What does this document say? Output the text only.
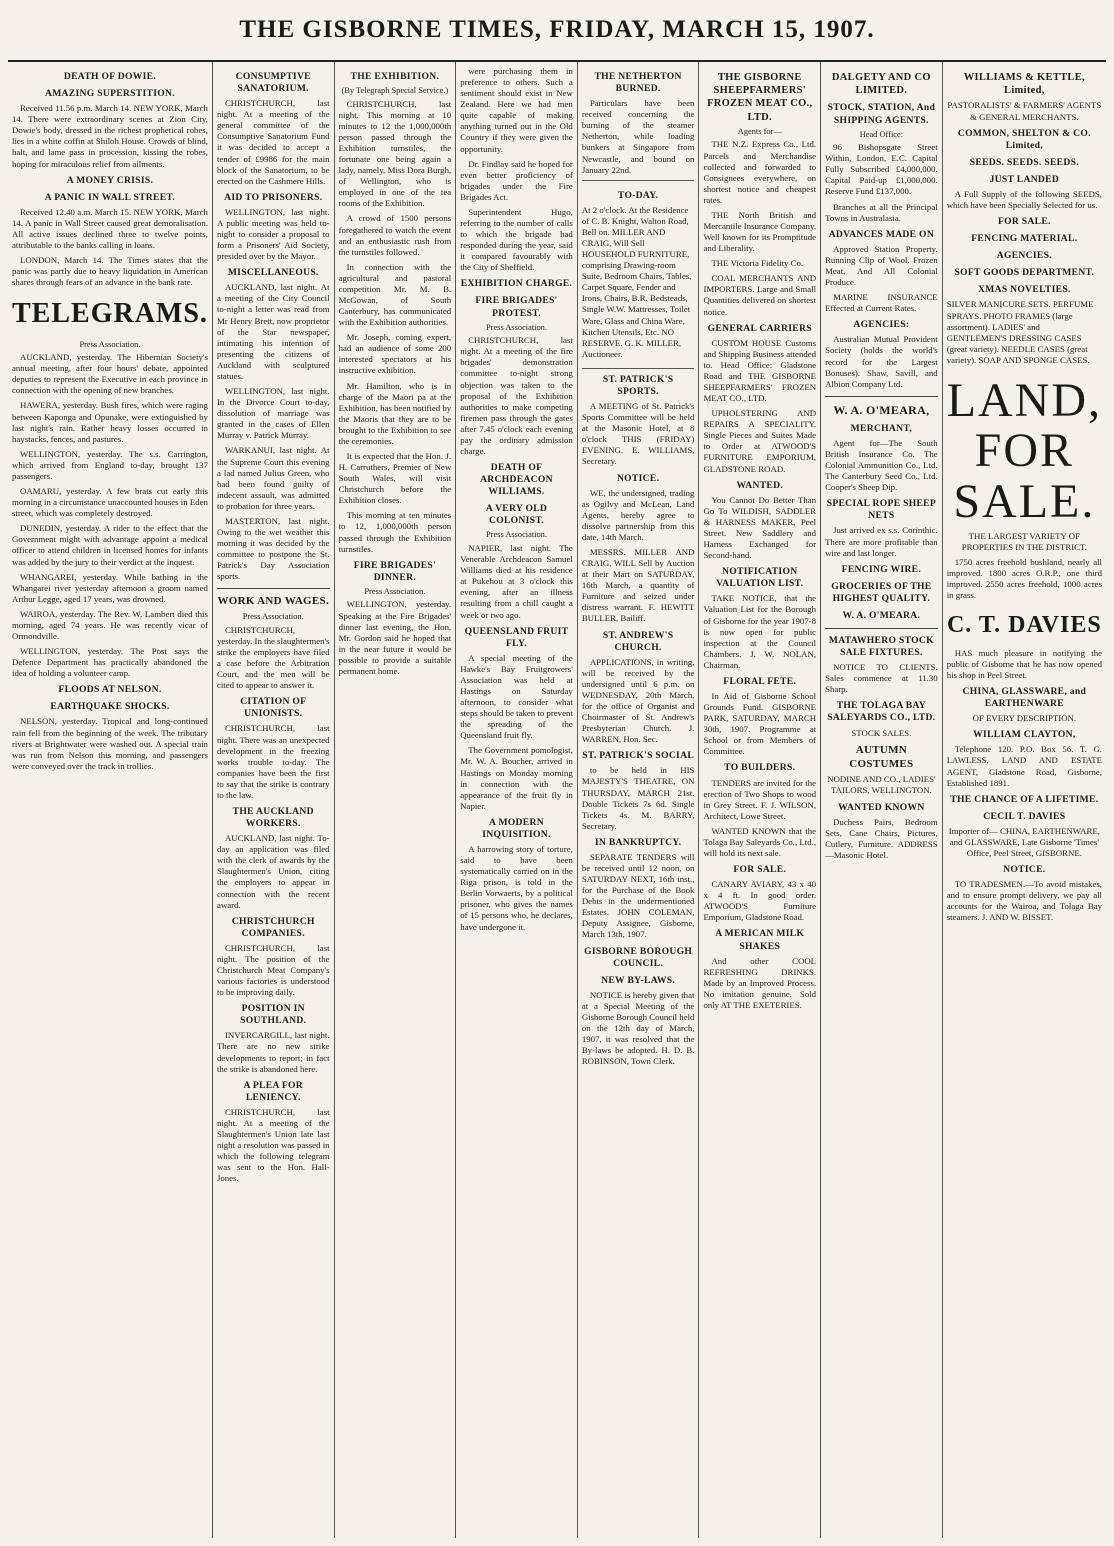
THE GISBORNE TIMES, FRIDAY, MARCH 15, 1907.
DEATH OF DOWIE.
AMAZING SUPERSTITION.

Received 11.56 p.m. March 14. NEW YORK, March 14. There were extraordinary scenes at Zion City, Dowie's body, dressed in the richest prophetical robes, lies in a white coffin at Shiloh House. Crowds of blind, halt, and lame pass in procession, kissing the robes, hoping for miraculous relief from ailments.

A MONEY CRISIS.
A PANIC IN WALL STREET.

Received 12.40 a.m. March 15. NEW YORK, March 14. A panic in Wall Street caused great demoralisation. All active issues declined three to twelve points, attributable to the banks calling in loans.

LONDON, March 14. The Times states that the panic was partly due to heavy liquidation in American shares through fears of an advance in the bank rate.

TELEGRAMS.
Press Association.

AUCKLAND, yesterday. The Hibernian Society's annual meeting, after four hours' debate, appointed deputies to represent the Executive in each province in connection with the opening of new branches.

HAWERA, yesterday. Bush fires, which were raging between Kaponga and Opunake, were extinguished by last night's rain. Rather heavy losses occurred in haystacks, fences, and pastures.

WELLINGTON, yesterday. The s.s. Carrington, which arrived from England to-day, brought 137 passengers.

OAMARU, yesterday. A few brats cut early this morning in a circumstance unaccounted houses in Eden street, which was completely destroyed.

DUNEDIN, yesterday. A rider to the effect that the Government might with advantage appoint a medical officer to attend children in licensed homes for infants was added by the jury to their verdict at the inquest.

WHANGAREI, yesterday. While bathing in the Whangarei river yesterday afternoon a groom named Arthur Legge, aged 17 years, was drowned.

WAIROA, yesterday. The Rev. W. Lambert died this morning, aged 74 years. He was recently vicar of Ormondville.

WELLINGTON, yesterday. The Post says the Defence Department has practically abandoned the idea of holding a volunteer camp.

FLOODS AT NELSON.
EARTHQUAKE SHOCKS.

NELSON, yesterday. Tropical and long-continued rain fell from the beginning of the week. The tributary rivers at Brightwater were washed out. A special train was run from Nelson this morning, and passengers were conveyed over the track in trollies.

CONSUMPTIVE SANATORIUM.

CHRISTCHURCH, last night. At a meeting of the general committee of the Consumptive Sanatorium Fund it was decided to accept a tender of £9986 for the main block of the Sanatorium, to be erected on the Cashmere Hills.

AID TO PRISONERS.

WELLINGTON, last night. A public meeting was held to-night to consider a proposal to form a Prisoners' Aid Society, presided over by the Mayor.

MISCELLANEOUS.

AUCKLAND, last night. At a meeting of the City Council to-night a letter was read from Mr Henry Brett, now proprietor of the Star newspaper, intimating his intention of presenting the citizens of Auckland with sculptured statues.

WELLINGTON, last night. In the Divorce Court to-day, dissolution of marriage was granted in the cases of Ellen Murray v. Patrick Murray.

WARKANUI, last night. At the Supreme Court this evening a lad named Julius Green, who had been found guilty of indecent assault, was admitted to probation for three years.

MASTERTON, last night. Owing to the wet weather this morning it was decided by the committee to postpone the St. Patrick's Day Association sports.

WORK AND WAGES.
Press Association.

CHRISTCHURCH, yesterday. In the slaughtermen's strike the employers have filed a case before the Arbitration Court, and the men will be cited to appear to answer it.

CITATION OF UNIONISTS.

CHRISTCHURCH, last night. There was an unexpected development in the freezing works trouble to-day. The companies have been the first to say that the strike is contrary to the law.

THE AUCKLAND WORKERS.

AUCKLAND, last night. To-day an application was filed with the clerk of awards by the Slaughtermen's Union, citing the employers to appear in connection with the recent award.

CHRISTCHURCH COMPANIES.

CHRISTCHURCH, last night. The position of the Christchurch Meat Company's various factories is understood to be improving daily.

POSITION IN SOUTHLAND.

INVERCARGILL, last night. There are no new strike developments to report; in fact the strike is abandoned here.

A PLEA FOR LENIENCY.

CHRISTCHURCH, last night. At a meeting of the Slaughtermen's Union late last night a resolution was passed in which the following telegram was sent to the Hon. Hall-Jones.

THE EXHIBITION.
(By Telegraph Special Service.)

CHRISTCHURCH, last night. This morning at 10 minutes to 12 the 1,000,000th person passed through the Exhibition turnstiles, the fortunate one being again a lady, namely, Miss Dora Burgh, of Wellington, who is employed in one of the tea rooms of the Exhibition.

A crowd of 1500 persons foregathered to watch the event and an enthusiastic rush from the turnstiles followed.

In connection with the agricultural and pastoral competition Mr. M. B. McGowan, of South Canterbury, has communicated with the Exhibition authorities.

Mr. Joseph, coming expert, had an audience of some 200 interested spectators at his instructive exhibition.

Mr. Hamilton, who is in charge of the Maori pa at the Exhibition, has been notified by the Maoris that they are to be brought to the Exhibition to see the ceremonies.

It is expected that the Hon. J. H. Carruthers, Premier of New South Wales, will visit Christchurch before the Exhibition closes.

This morning at ten minutes to 12, 1,000,000th person passed through the Exhibition turnstiles.

FIRE BRIGADES' DINNER.
Press Association.

WELLINGTON, yesterday. Speaking at the Fire Brigades' dinner last evening, the Hon. Mr. Gordon said he hoped that in the near future it would be possible to provide a suitable permanent home.

were purchasing them in preference to others. Such a sentiment should exist in New Zealand. Here we had men quite capable of making anything turned out in the Old Country if they were given the opportunity.

Dr. Findlay said he hoped for even better proficiency of brigades under the Fire Brigades Act.

Superintendent Hugo, referring to the number of calls to which the brigade had responded during the year, said it compared favourably with the City of Sheffield.

EXHIBITION CHARGE.
FIRE BRIGADES' PROTEST.
Press Association.

CHRISTCHURCH, last night. At a meeting of the fire brigades' demonstration committee to-night strong objection was taken to the proposal of the Exhibition authorities to make competing firemen pass through the gates after 7.45 o'clock each evening pay the ordinary admission charge.

DEATH OF ARCHDEACON WILLIAMS.
A VERY OLD COLONIST.
Press Association.

NAPIER, last night. The Venerable Archdeacon Samuel Williams died at his residence at Pukehou at 3 o'clock this evening, after an illness resulting from a chill caught a week or two ago.

QUEENSLAND FRUIT FLY.

A special meeting of the Hawke's Bay Fruitgrowers' Association was held at Hastings on Saturday afternoon, to consider what steps should be taken to prevent the spreading of the Queensland fruit fly.

The Government pomologist, Mr. W. A. Boucher, arrived in Hastings on Monday morning in connection with the appearance of the fruit fly in Napier.

A MODERN INQUISITION.

A harrowing story of torture, said to have been systematically carried on in the Riga prison, is told in the Berlin Vorwaerts, by a political prisoner, who gives the names of 15 persons who, he declares, have undergone it.

THE NETHERTON BURNED.

Particulars have been received concerning the burning of the steamer Netherton, while loading bunkers at Singapore from Newcastle, and bound on January 22nd.

TO-DAY.

At 2 o'clock. At the Residence of C. B. Knight, Walton Road, Bell on. MILLER AND CRAIG, Will Sell HOUSEHOLD FURNITURE, comprising Drawing-room Suite, Bedroom Chairs, Tables, Carpet Square, Fender and Irons, Chairs, B.R. Bedsteads, Single W.W. Mattresses, Toilet Ware, Glass and China Ware, Kitchen Utensils, Etc. NO RESERVE. G. K. MILLER, Auctioneer.

ST. PATRICK'S SPORTS.

A MEETING of St. Patrick's Sports Committee will be held at the Masonic Hotel, at 8 o'clock THIS (FRIDAY) EVENING. E. WILLIAMS, Secretary.

NOTICE.

WE, the undersigned, trading as Ogilvy and McLean, Land Agents, hereby agree to dissolve partnership from this date, 14th March.

MESSRS. MILLER AND CRAIG, WILL Sell by Auction at their Mart on SATURDAY, 16th March, a quantity of Furniture and seized under distress warrant. F. HEWITT BULLER, Bailiff.

ST. ANDREW'S CHURCH.

APPLICATIONS, in writing, will be received by the undersigned until 6 p.m. on WEDNESDAY, 20th March, for the office of Organist and Choirmaster of St. Andrew's Presbyterian Church. J. WARREN, Hon. Sec.

ST. PATRICK'S SOCIAL

to be held in HIS MAJESTY'S THEATRE, ON THURSDAY, MARCH 21st. Double Tickets 7s 6d. Single Tickets 4s. M. BARRY, Secretary.

IN BANKRUPTCY.

SEPARATE TENDERS will be received until 12 noon, on SATURDAY NEXT, 16th inst., for the Purchase of the Book Debts in the undermentioned Estates. JOHN COLEMAN, Deputy Assignee, Gisborne, March 13th, 1907.

GISBORNE BOROUGH COUNCIL.
NEW BY-LAWS.

NOTICE is hereby given that at a Special Meeting of the Gisborne Borough Council held on the 12th day of March, 1907, it was resolved that the By-laws be adopted. H. D. B. ROBINSON, Town Clerk.

THE GISBORNE SHEEPFARMERS' FROZEN MEAT CO., LTD.
Agents for—

THE N.Z. Express Co., Ltd. Parcels and Merchandise collected and forwarded to Consignees everywhere, on shortest notice and cheapest rates.

THE North British and Mercantile Insurance Company. Well known for its Promptitude and Liberality.

THE Victoria Fidelity Co.

COAL MERCHANTS AND IMPORTERS. Large and Small Quantities delivered on shortest notice.

GENERAL CARRIERS

CUSTOM HOUSE Customs and Shipping Business attended to. Head Office: Gladstone Road and THE GISBORNE SHEEPFARMERS' FROZEN MEAT CO., LTD.

UPHOLSTERING AND REPAIRS A SPECIALITY. Single Pieces and Suites Made to Order at ATWOOD'S FURNITURE EMPORIUM, GLADSTONE ROAD.

WANTED.

You Cannot Do Better Than Go To WILDISH, SADDLER & HARNESS MAKER, Peel Street. New Saddlery and Harness Exchanged for Second-hand.

NOTIFICATION VALUATION LIST.

TAKE NOTICE, that the Valuation List for the Borough of Gisborne for the year 1907-8 is now open for public inspection at the Council Chambers. J. W. NOLAN, Chairman.

FLORAL FETE.

In Aid of Gisborne School Grounds Fund. GISBORNE PARK, SATURDAY, MARCH 30th, 1907. Programme at School or from Members of Committee.

TO BUILDERS.

TENDERS are invited for the erection of Two Shops to wood in Grey Street. F. J. WILSON, Architect, Lowe Street.

WANTED KNOWN that the Tolaga Bay Saleyards Co., Ltd., will hold its next sale.

FOR SALE.

CANARY AVIARY, 43 x 40 x 4 ft. In good order. ATWOOD'S Furniture Emporium, Gladstone Road.

A MERICAN MILK SHAKES

And other COOL REFRESHING DRINKS. Made by an Improved Process. No imitation genuine. Sold only AT THE EXETERIES.

DALGETY AND CO LIMITED.
STOCK, STATION, And SHIPPING AGENTS.
Head Office:

96 Bishopsgate Street Within, London, E.C. Capital Fully Subscribed £4,000,000. Capital Paid-up £1,000,000. Reserve Fund £137,000.

Branches at all the Principal Towns in Australasia.

ADVANCES MADE ON

Approved Station Property. Running Clip of Wool. Frozen Meat, And All Colonial Produce.

MARINE INSURANCE Effected at Current Rates.

AGENCIES:

Australian Mutual Provident Society (holds the world's record for the Largest Bonuses). Shaw, Savill, and Albion Company Ltd.

W. A. O'MEARA,
MERCHANT,

Agent for—The South British Insurance Co. The Colonial Ammunition Co., Ltd. The Canterbury Seed Co., Ltd. Cooper's Sheep Dip.

SPECIAL ROPE SHEEP NETS

Just arrived ex s.s. Corinthic. There are more profitable than wire and last longer.

FENCING WIRE.
GROCERIES OF THE HIGHEST QUALITY.
W. A. O'MEARA.
MATAWHERO STOCK SALE FIXTURES.

NOTICE TO CLIENTS. Sales commence at 11.30 Sharp.

THE TOLAGA BAY SALEYARDS CO., LTD.

STOCK SALES.

AUTUMN COSTUMES

NODINE AND CO., LADIES' TAILORS, WELLINGTON.

WANTED KNOWN

Duchess Pairs, Bedroom Sets, Cane Chairs, Pictures, Cutlery, Furniture. ADDRESS—Masonic Hotel.

WILLIAMS & KETTLE, Limited,

PASTORALISTS' & FARMERS' AGENTS & GENERAL MERCHANTS.

COMMON, SHELTON & CO. Limited,
SEEDS. SEEDS. SEEDS.
JUST LANDED

A Full Supply of the following SEEDS, which have been Specially Selected for us.

FOR SALE.
FENCING MATERIAL.
AGENCIES.
SOFT GOODS DEPARTMENT.
XMAS NOVELTIES.

SILVER MANICURE SETS. PERFUME SPRAYS. PHOTO FRAMES (large assortment). LADIES' and GENTLEMEN'S DRESSING CASES (great variety). NEEDLE CASES (great variety). SOAP AND SPONGE CASES.

LAND, FOR SALE.

THE LARGEST VARIETY OF PROPERTIES IN THE DISTRICT.

1750 acres freehold bushland, nearly all improved. 1800 acres O.R.P., one third improved. 2550 acres freehold, 1000 acres in grass.

C. T. DAVIES

HAS much pleasure in notifying the public of Gisborne that he has now opened his shop in Peel Street.

CHINA, GLASSWARE, and EARTHENWARE

OF EVERY DESCRIPTION.

WILLIAM CLAYTON,

Telephone 120. P.O. Box 56. T. G. LAWLESS, LAND AND ESTATE AGENT, Gladstone Road, Gisborne, Established 1891.

THE CHANCE OF A LIFETIME.
CECIL T. DAVIES

Importer of— CHINA, EARTHENWARE, and GLASSWARE, Late Gisborne 'Times' Office, Peel Street, GISBORNE.

NOTICE.

TO TRADESMEN.—To avoid mistakes, and to ensure prompt delivery, we pay all accounts for the Wairoa, and Tolaga Bay steamers. J. AND W. BISSET.
